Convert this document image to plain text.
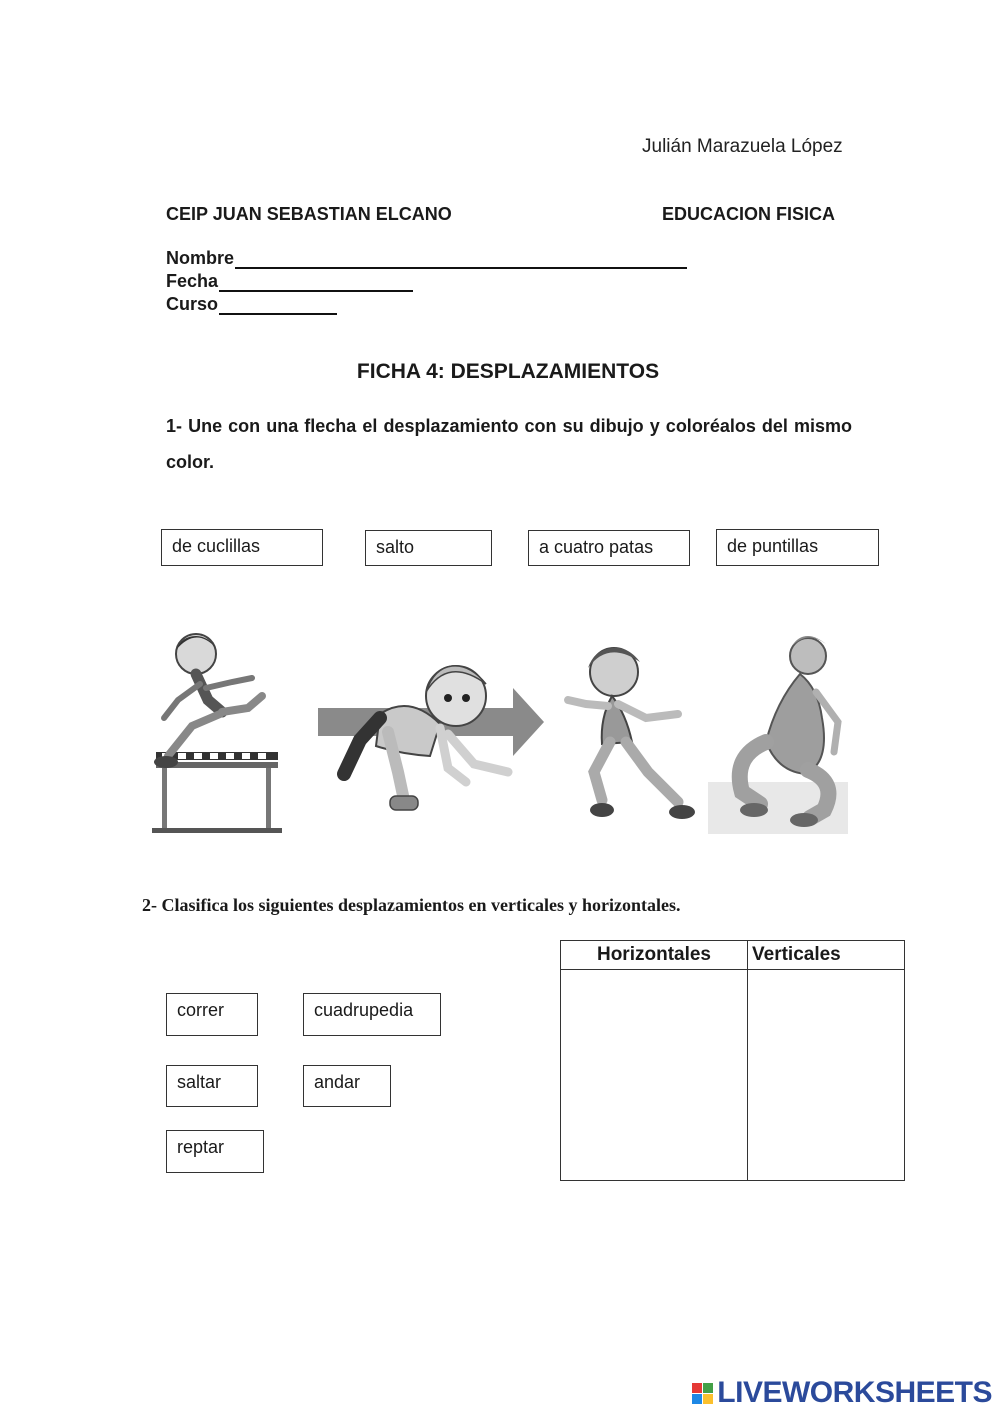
Julián Marazuela López
CEIP JUAN SEBASTIAN ELCANO	EDUCACION FISICA
Nombre
Fecha
Curso
FICHA 4: DESPLAZAMIENTOS
1- Une con una flecha el desplazamiento con su dibujo y coloréalos del mismo color.
de cuclillas	salto	a cuatro patas	de puntillas
2- Clasifica los siguientes desplazamientos en verticales y horizontales.
correr	cuadrupedia
saltar	andar
reptar
Horizontales	Verticales

LIVEWORKSHEETS
